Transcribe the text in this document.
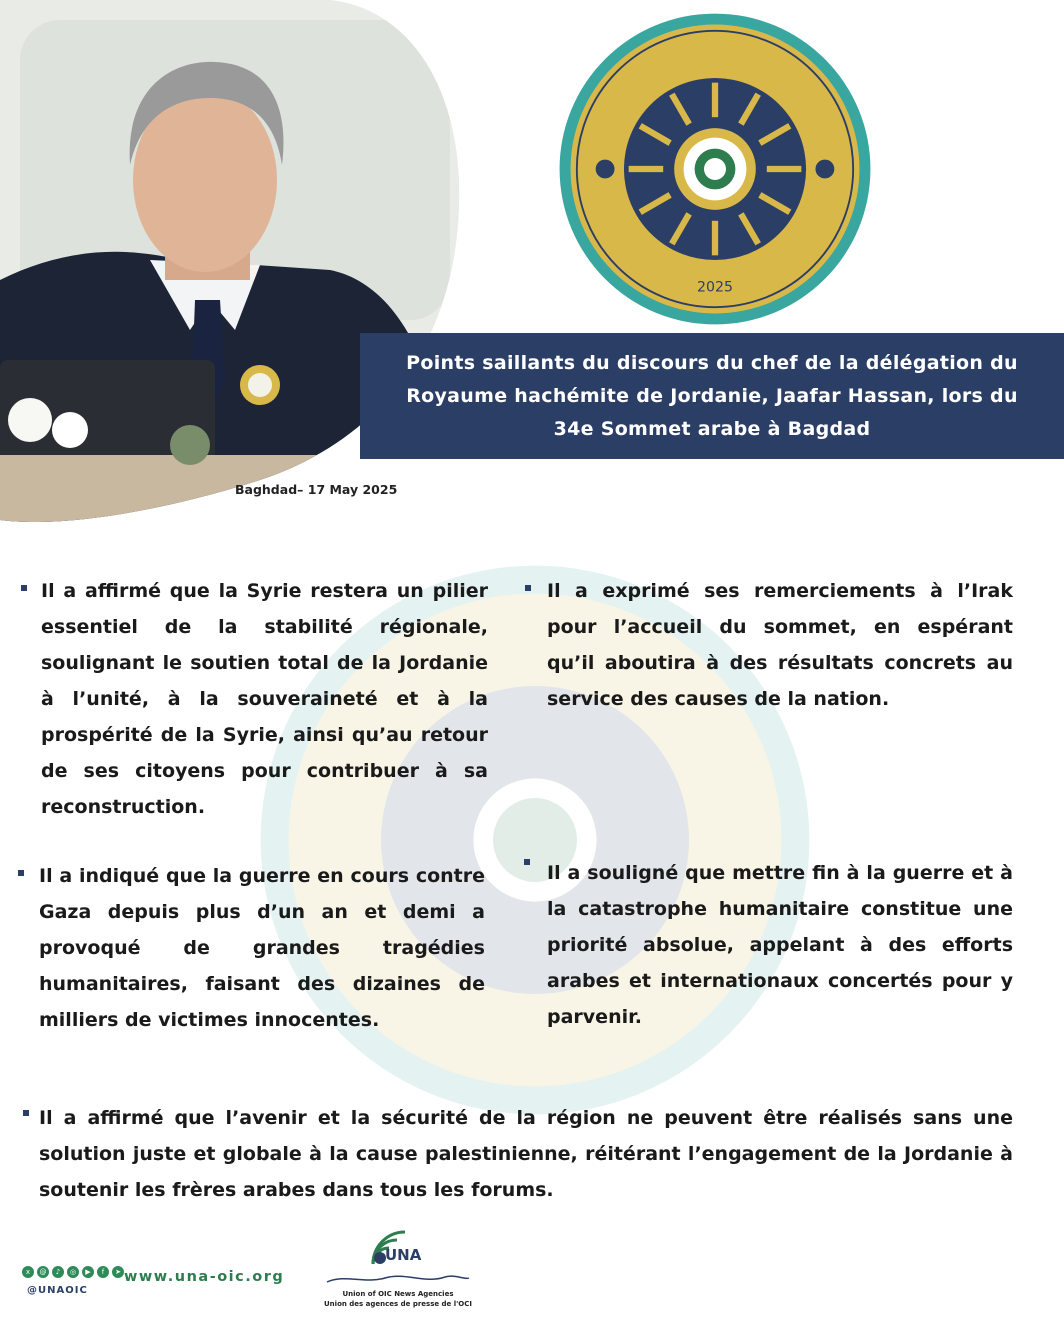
2025
Points saillants du discours du chef de la délégation du Royaume hachémite de Jordanie, Jaafar Hassan, lors du 34e Sommet arabe à Bagdad
Baghdad– 17 May 2025
Il a affirmé que la Syrie restera un pilier essentiel de la stabilité régionale, soulignant le soutien total de la Jordanie à l’unité, à la souveraineté et à la prospérité de la Syrie, ainsi qu’au retour de ses citoyens pour contribuer à sa reconstruction.
Il a exprimé ses remerciements à l’Irak pour l’accueil du sommet, en espérant qu’il aboutira à des résultats concrets au service des causes de la nation.
Il a indiqué que la guerre en cours contre Gaza depuis plus d’un an et demi a provoqué de grandes tragédies humanitaires, faisant des dizaines de milliers de victimes innocentes.
Il a souligné que mettre fin à la guerre et à la catastrophe humanitaire constitue une priorité absolue, appelant à des efforts arabes et internationaux concertés pour y parvenir.
Il a affirmé que l’avenir et la sécurité de la région ne peuvent être réalisés sans une solution juste et globale à la cause palestinienne, réitérant l’engagement de la Jordanie à soutenir les frères arabes dans tous les forums.
x	@	♪	◎	▶	f	➤
@UNAOIC
www.una-oic.org
UNA
Union of OIC News Agencies
Union des agences de presse de l'OCI
